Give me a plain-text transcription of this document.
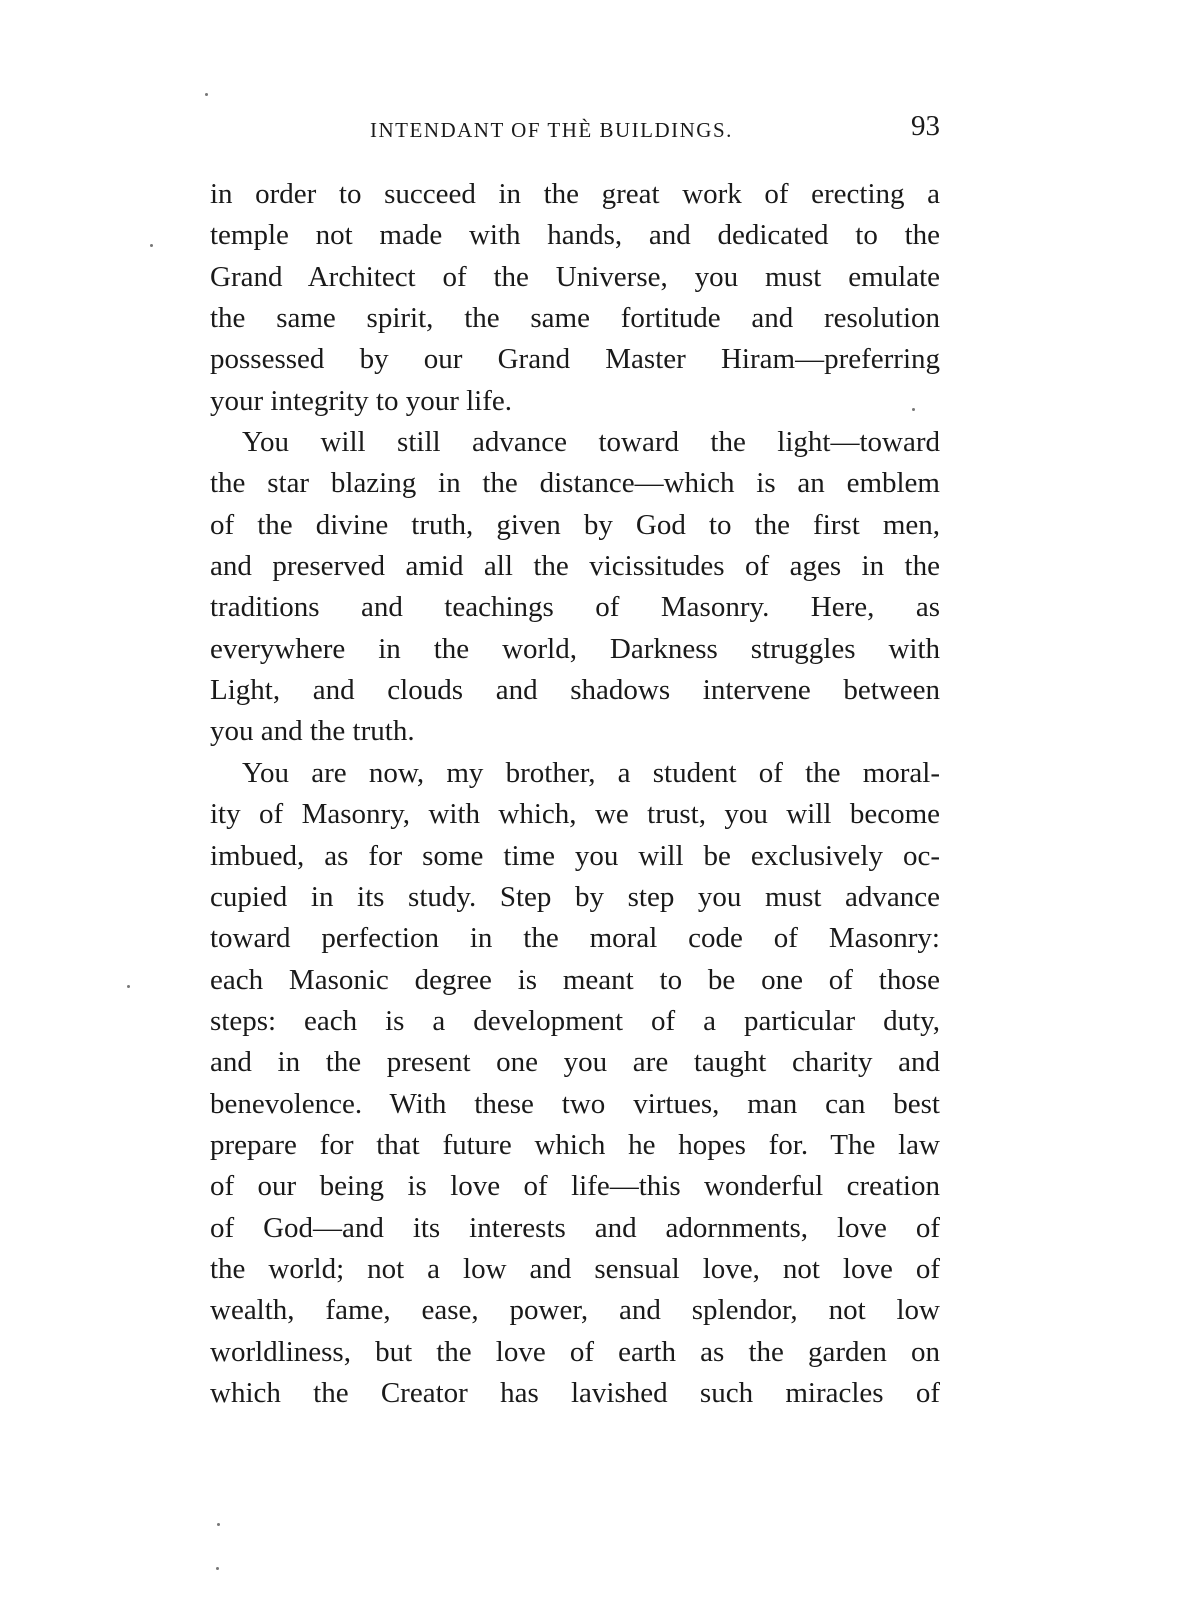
INTENDANT OF THÈ BUILDINGS.	93
in order to succeed in the great work of erecting a
temple not made with hands, and dedicated to the
Grand Architect of the Universe, you must emulate
the same spirit, the same fortitude and resolution
possessed by our Grand Master Hiram—preferring
your integrity to your life.
You will still advance toward the light—toward
the star blazing in the distance—which is an emblem
of the divine truth, given by God to the first men,
and preserved amid all the vicissitudes of ages in the
traditions and teachings of Masonry. Here, as
everywhere in the world, Darkness struggles with
Light, and clouds and shadows intervene between
you and the truth.
You are now, my brother, a student of the moral-
ity of Masonry, with which, we trust, you will become
imbued, as for some time you will be exclusively oc-
cupied in its study. Step by step you must advance
toward perfection in the moral code of Masonry:
each Masonic degree is meant to be one of those
steps: each is a development of a particular duty,
and in the present one you are taught charity and
benevolence. With these two virtues, man can best
prepare for that future which he hopes for. The law
of our being is love of life—this wonderful creation
of God—and its interests and adornments, love of
the world; not a low and sensual love, not love of
wealth, fame, ease, power, and splendor, not low
worldliness, but the love of earth as the garden on
which the Creator has lavished such miracles of
